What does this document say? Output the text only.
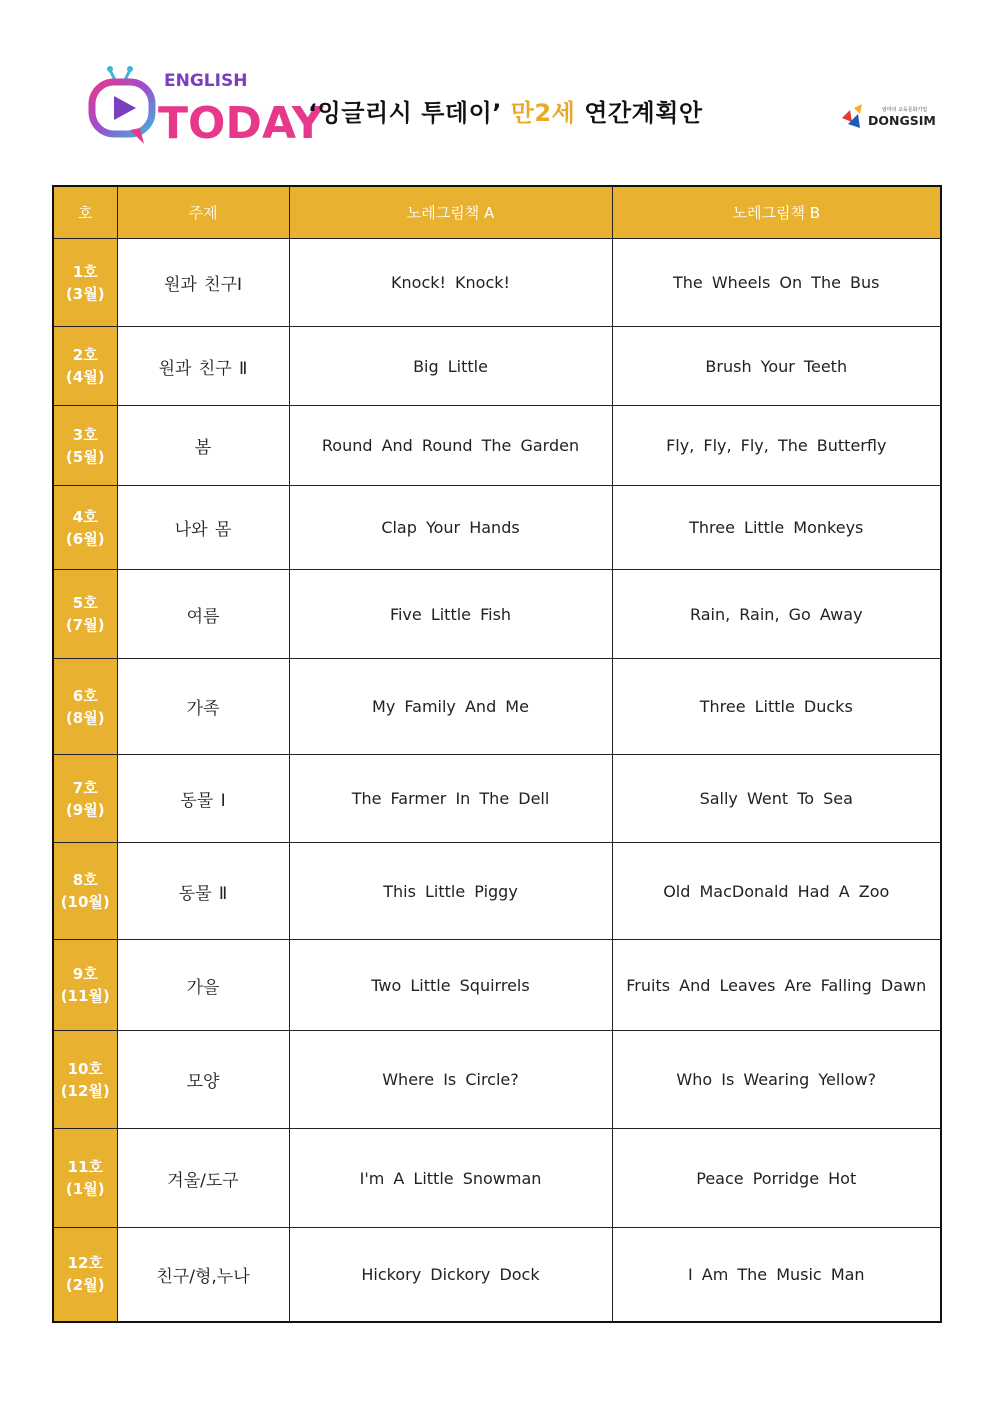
ENGLISH
TODAY
‘잉글리시 투데이’ 만2세 연간계획안	엄마의 교육문화기업
DONGSIM
호	주제	노레그림책 A	노레그림책 B

1호
(3월)	원과 친구Ⅰ	Knock! Knock!	The Wheels On The Bus

2호
(4월)	원과 친구 Ⅱ	Big Little	Brush Your Teeth

3호
(5월)	봄	Round And Round The Garden	Fly, Fly, Fly, The Butterfly

4호
(6월)	나와 몸	Clap Your Hands	Three Little Monkeys

5호
(7월)	여름	Five Little Fish	Rain, Rain, Go Away

6호
(8월)	가족	My Family And Me	Three Little Ducks

7호
(9월)	동물 Ⅰ	The Farmer In The Dell	Sally Went To Sea

8호
(10월)	동물 Ⅱ	This Little Piggy	Old MacDonald Had A Zoo

9호
(11월)	가을	Two Little Squirrels	Fruits And Leaves Are Falling Dawn

10호
(12월)	모양	Where Is Circle?	Who Is Wearing Yellow?

11호
(1월)	겨울/도구	I'm A Little Snowman	Peace Porridge Hot

12호
(2월)	친구/형,누나	Hickory Dickory Dock	I Am The Music Man
